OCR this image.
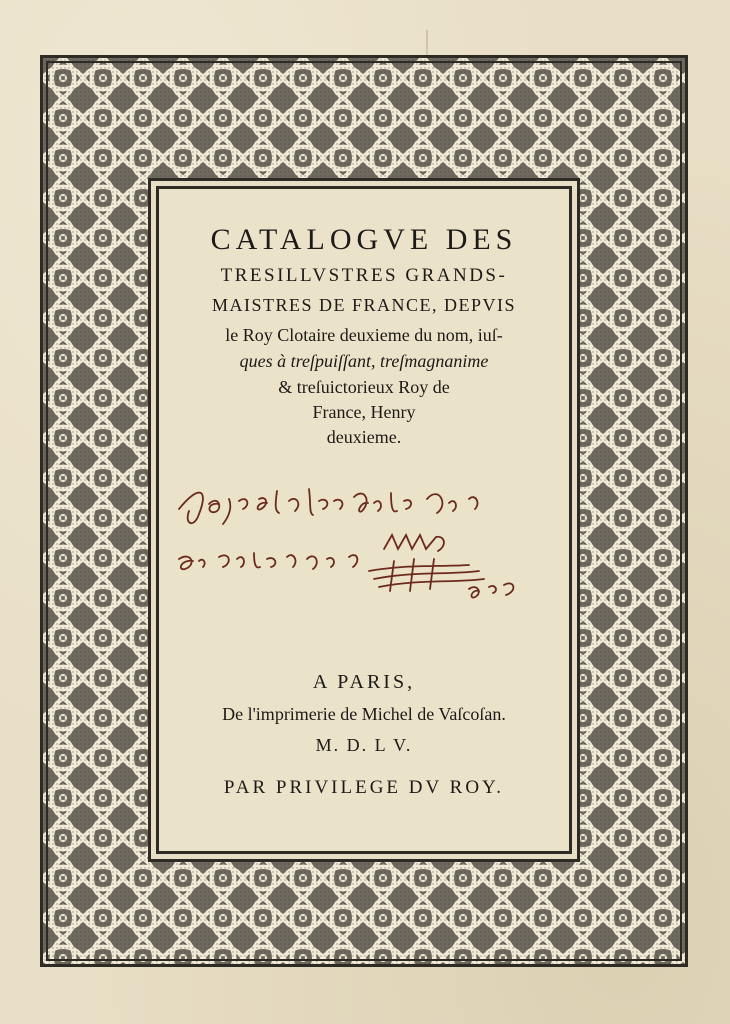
CATALOGVE DES
TRESILLVSTRES GRANDS-
MAISTRES DE FRANCE, DEPVIS
le Roy Clotaire deuxieme du nom, iuſ-
ques à treſpuiſſant, treſmagnanime
& treſuictorieux Roy de
France, Henry
deuxieme.
A PARIS,
De l'imprimerie de Michel de Vaſcoſan.
M. D. L V.
PAR PRIVILEGE DV ROY.
